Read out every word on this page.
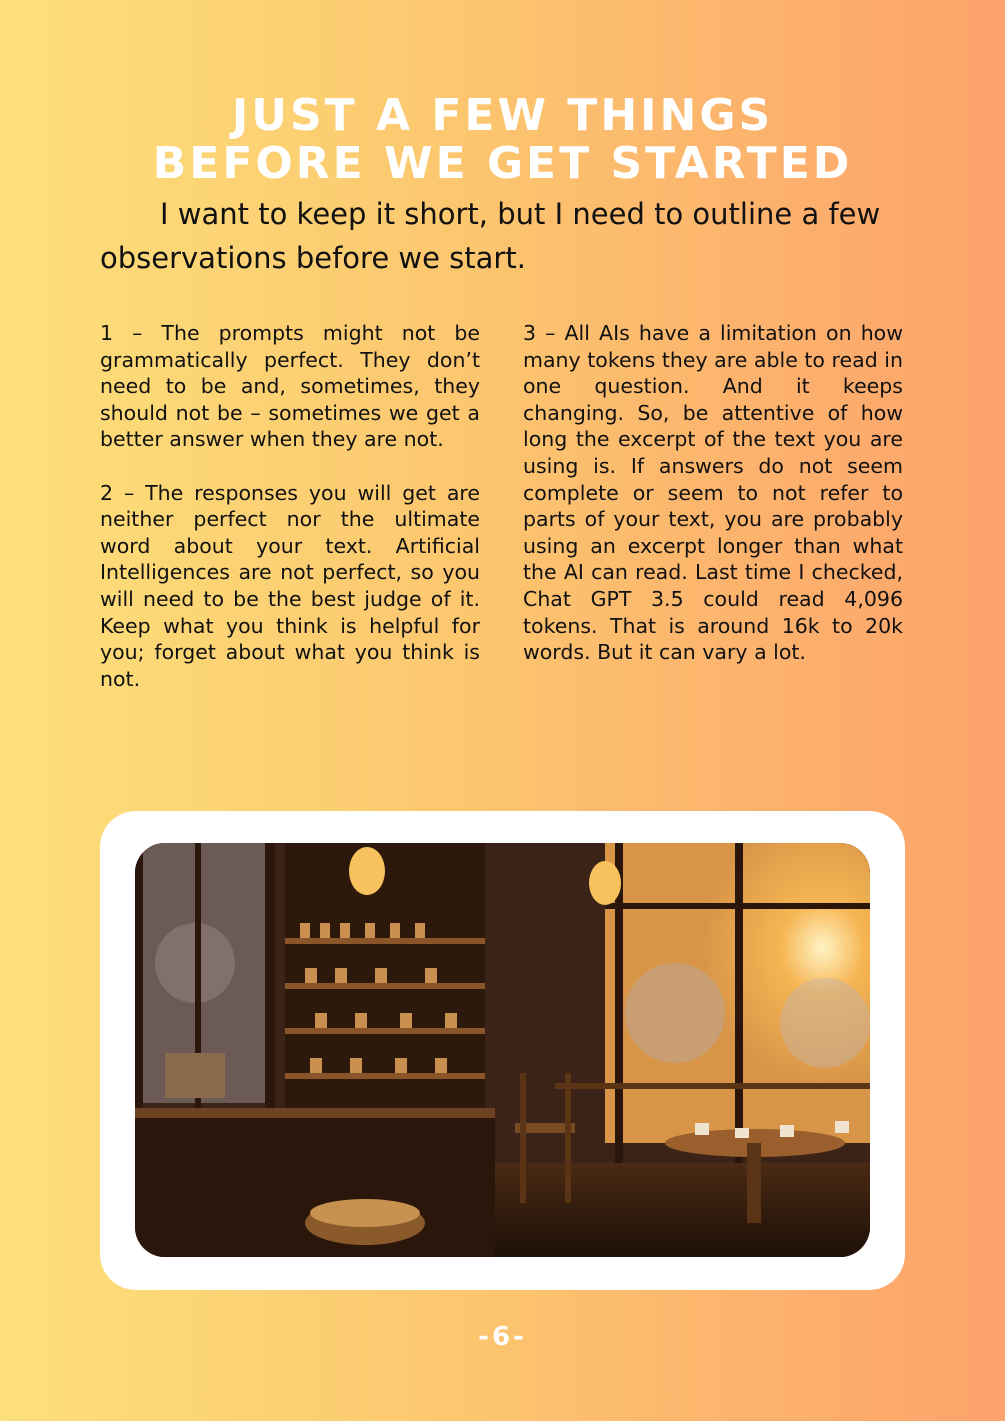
JUST A FEW THINGS
BEFORE WE GET STARTED

I want to keep it short, but I need to outline a few observations before we start.

1 – The prompts might not be grammatically perfect. They don’t need to be and, sometimes, they should not be – sometimes we get a better answer when they are not.

2 – The responses you will get are neither perfect nor the ultimate word about your text. Artificial Intelligences are not perfect, so you will need to be the best judge of it. Keep what you think is helpful for you; forget about what you think is not.

3 – All AIs have a limitation on how many tokens they are able to read in one question. And it keeps changing. So, be attentive of how long the excerpt of the text you are using is. If answers do not seem complete or seem to not refer to parts of your text, you are probably using an excerpt longer than what the AI can read. Last time I checked, Chat GPT 3.5 could read 4,096 tokens. That is around 16k to 20k words. But it can vary a lot.

-6-
